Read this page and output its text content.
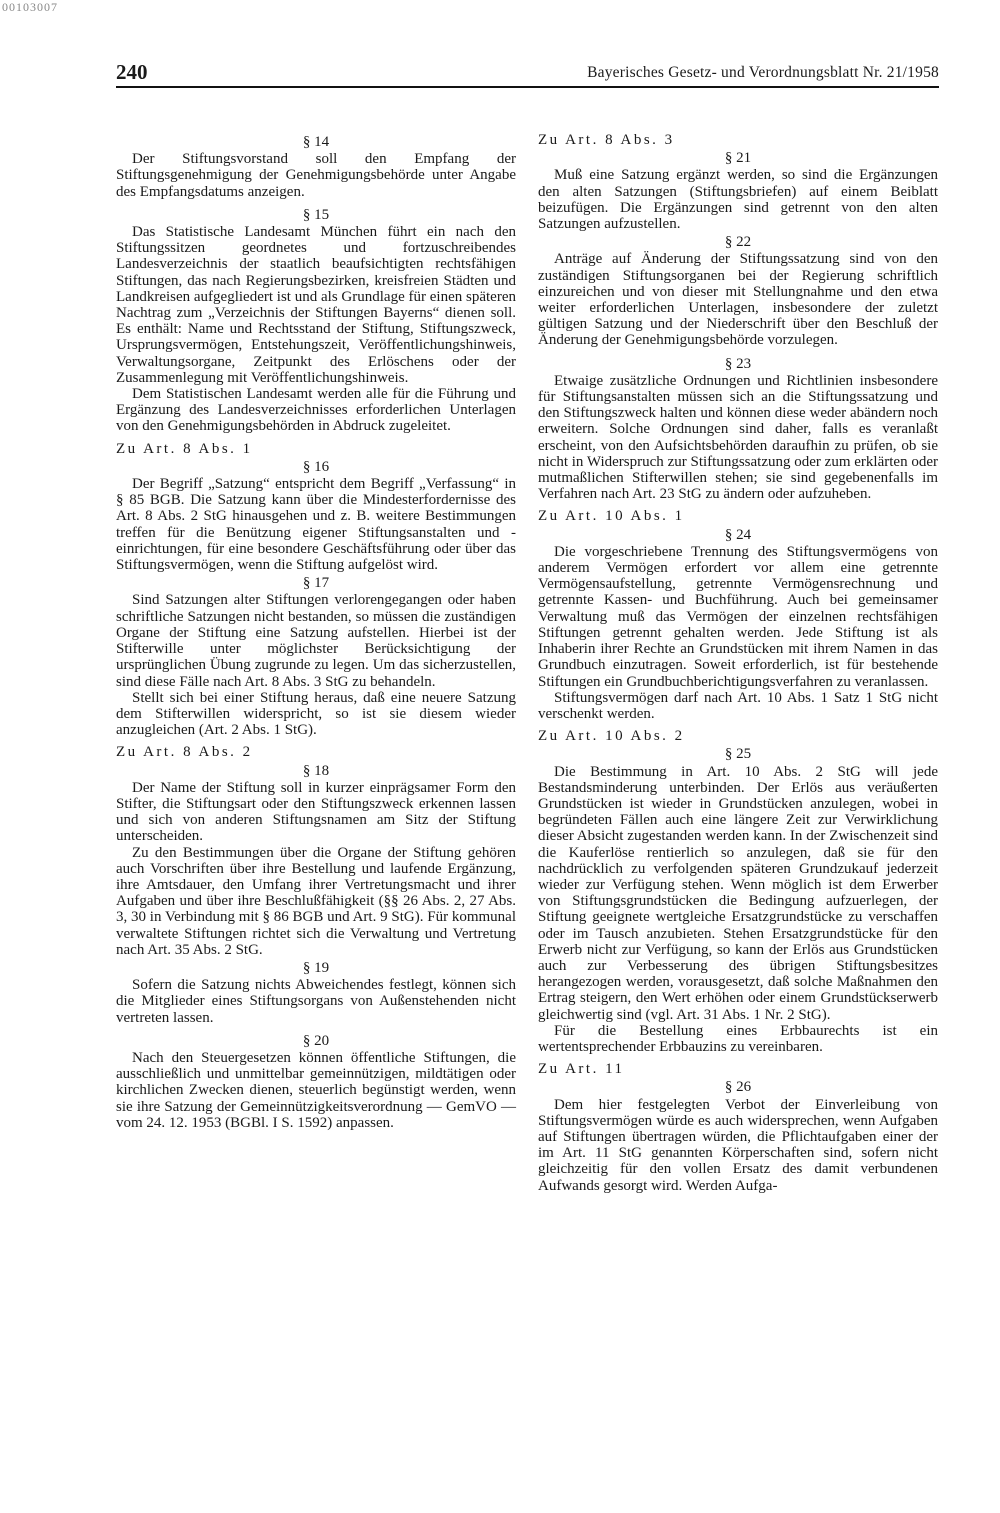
00103007

240	Bayerisches Gesetz- und Verordnungsblatt Nr. 21/1958

§ 14

Der Stiftungsvorstand soll den Empfang der Stiftungsgenehmigung der Genehmigungsbehörde unter Angabe des Empfangsdatums anzeigen.

§ 15

Das Statistische Landesamt München führt ein nach den Stiftungssitzen geordnetes und fortzuschreibendes Landesverzeichnis der staatlich beaufsichtigten rechtsfähigen Stiftungen, das nach Regierungsbezirken, kreisfreien Städten und Landkreisen aufgegliedert ist und als Grundlage für einen späteren Nachtrag zum „Verzeichnis der Stiftungen Bayerns“ dienen soll. Es enthält: Name und Rechtsstand der Stiftung, Stiftungszweck, Ursprungsvermögen, Entstehungszeit, Veröffentlichungshinweis, Verwaltungsorgane, Zeitpunkt des Erlöschens oder der Zusammenlegung mit Veröffentlichungshinweis.

Dem Statistischen Landesamt werden alle für die Führung und Ergänzung des Landesverzeichnisses erforderlichen Unterlagen von den Genehmigungsbehörden in Abdruck zugeleitet.

Zu Art. 8 Abs. 1

§ 16

Der Begriff „Satzung“ entspricht dem Begriff „Verfassung“ in § 85 BGB. Die Satzung kann über die Mindesterfordernisse des Art. 8 Abs. 2 StG hinausgehen und z. B. weitere Bestimmungen treffen für die Benützung eigener Stiftungsanstalten und -einrichtungen, für eine besondere Geschäftsführung oder über das Stiftungsvermögen, wenn die Stiftung aufgelöst wird.

§ 17

Sind Satzungen alter Stiftungen verlorengegangen oder haben schriftliche Satzungen nicht bestanden, so müssen die zuständigen Organe der Stiftung eine Satzung aufstellen. Hierbei ist der Stifterwille unter möglichster Berücksichtigung der ursprünglichen Übung zugrunde zu legen. Um das sicherzustellen, sind diese Fälle nach Art. 8 Abs. 3 StG zu behandeln.

Stellt sich bei einer Stiftung heraus, daß eine neuere Satzung dem Stifterwillen widerspricht, so ist sie diesem wieder anzugleichen (Art. 2 Abs. 1 StG).

Zu Art. 8 Abs. 2

§ 18

Der Name der Stiftung soll in kurzer einprägsamer Form den Stifter, die Stiftungsart oder den Stiftungszweck erkennen lassen und sich von anderen Stiftungsnamen am Sitz der Stiftung unterscheiden.

Zu den Bestimmungen über die Organe der Stiftung gehören auch Vorschriften über ihre Bestellung und laufende Ergänzung, ihre Amtsdauer, den Umfang ihrer Vertretungsmacht und ihrer Aufgaben und über ihre Beschlußfähigkeit (§§ 26 Abs. 2, 27 Abs. 3, 30 in Verbindung mit § 86 BGB und Art. 9 StG). Für kommunal verwaltete Stiftungen richtet sich die Verwaltung und Vertretung nach Art. 35 Abs. 2 StG.

§ 19

Sofern die Satzung nichts Abweichendes festlegt, können sich die Mitglieder eines Stiftungsorgans von Außenstehenden nicht vertreten lassen.

§ 20

Nach den Steuergesetzen können öffentliche Stiftungen, die ausschließlich und unmittelbar gemeinnützigen, mildtätigen oder kirchlichen Zwecken dienen, steuerlich begünstigt werden, wenn sie ihre Satzung der Gemeinnützigkeitsverordnung — GemVO — vom 24. 12. 1953 (BGBl. I S. 1592) anpassen.

Zu Art. 8 Abs. 3

§ 21

Muß eine Satzung ergänzt werden, so sind die Ergänzungen den alten Satzungen (Stiftungsbriefen) auf einem Beiblatt beizufügen. Die Ergänzungen sind getrennt von den alten Satzungen aufzustellen.

§ 22

Anträge auf Änderung der Stiftungssatzung sind von den zuständigen Stiftungsorganen bei der Regierung schriftlich einzureichen und von dieser mit Stellungnahme und den etwa weiter erforderlichen Unterlagen, insbesondere der zuletzt gültigen Satzung und der Niederschrift über den Beschluß der Änderung der Genehmigungsbehörde vorzulegen.

§ 23

Etwaige zusätzliche Ordnungen und Richtlinien insbesondere für Stiftungsanstalten müssen sich an die Stiftungssatzung und den Stiftungszweck halten und können diese weder abändern noch erweitern. Solche Ordnungen sind daher, falls es veranlaßt erscheint, von den Aufsichtsbehörden daraufhin zu prüfen, ob sie nicht in Widerspruch zur Stiftungssatzung oder zum erklärten oder mutmaßlichen Stifterwillen stehen; sie sind gegebenenfalls im Verfahren nach Art. 23 StG zu ändern oder aufzuheben.

Zu Art. 10 Abs. 1

§ 24

Die vorgeschriebene Trennung des Stiftungsvermögens von anderem Vermögen erfordert vor allem eine getrennte Vermögensaufstellung, getrennte Vermögensrechnung und getrennte Kassen- und Buchführung. Auch bei gemeinsamer Verwaltung muß das Vermögen der einzelnen rechtsfähigen Stiftungen getrennt gehalten werden. Jede Stiftung ist als Inhaberin ihrer Rechte an Grundstücken mit ihrem Namen in das Grundbuch einzutragen. Soweit erforderlich, ist für bestehende Stiftungen ein Grundbuchberichtigungsverfahren zu veranlassen.

Stiftungsvermögen darf nach Art. 10 Abs. 1 Satz 1 StG nicht verschenkt werden.

Zu Art. 10 Abs. 2

§ 25

Die Bestimmung in Art. 10 Abs. 2 StG will jede Bestandsminderung unterbinden. Der Erlös aus veräußerten Grundstücken ist wieder in Grundstücken anzulegen, wobei in begründeten Fällen auch eine längere Zeit zur Verwirklichung dieser Absicht zugestanden werden kann. In der Zwischenzeit sind die Kauferlöse rentierlich so anzulegen, daß sie für den nachdrücklich zu verfolgenden späteren Grundzukauf jederzeit wieder zur Verfügung stehen. Wenn möglich ist dem Erwerber von Stiftungsgrundstücken die Bedingung aufzuerlegen, der Stiftung geeignete wertgleiche Ersatzgrundstücke zu verschaffen oder im Tausch anzubieten. Stehen Ersatzgrundstücke für den Erwerb nicht zur Verfügung, so kann der Erlös aus Grundstücken auch zur Verbesserung des übrigen Stiftungsbesitzes herangezogen werden, vorausgesetzt, daß solche Maßnahmen den Ertrag steigern, den Wert erhöhen oder einem Grundstückserwerb gleichwertig sind (vgl. Art. 31 Abs. 1 Nr. 2 StG).

Für die Bestellung eines Erbbaurechts ist ein wertentsprechender Erbbauzins zu vereinbaren.

Zu Art. 11

§ 26

Dem hier festgelegten Verbot der Einverleibung von Stiftungsvermögen würde es auch widersprechen, wenn Aufgaben auf Stiftungen übertragen würden, die Pflichtaufgaben einer der im Art. 11 StG genannten Körperschaften sind, sofern nicht gleichzeitig für den vollen Ersatz des damit verbundenen Aufwands gesorgt wird. Werden Aufga-
